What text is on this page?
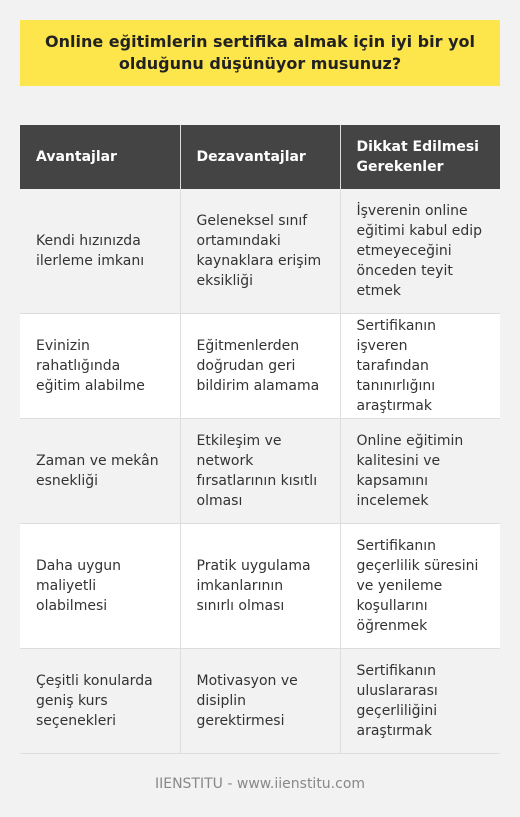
Online eğitimlerin sertifika almak için iyi bir yol olduğunu düşünüyor musunuz?
Avantajlar	Dezavantajlar	Dikkat Edilmesi Gerekenler
Kendi hızınızda ilerleme imkanı	Geleneksel sınıf ortamındaki kaynaklara erişim eksikliği	İşverenin online eğitimi kabul edip etmeyeceğini önceden teyit etmek
Evinizin rahatlığında eğitim alabilme	Eğitmenlerden doğrudan geri bildirim alamama	Sertifikanın işveren tarafından tanınırlığını araştırmak
Zaman ve mekân esnekliği	Etkileşim ve network fırsatlarının kısıtlı olması	Online eğitimin kalitesini ve kapsamını incelemek
Daha uygun maliyetli olabilmesi	Pratik uygulama imkanlarının sınırlı olması	Sertifikanın geçerlilik süresini ve yenileme koşullarını öğrenmek
Çeşitli konularda geniş kurs seçenekleri	Motivasyon ve disiplin gerektirmesi	Sertifikanın uluslararası geçerliliğini araştırmak
IIENSTITU - www.iienstitu.com
